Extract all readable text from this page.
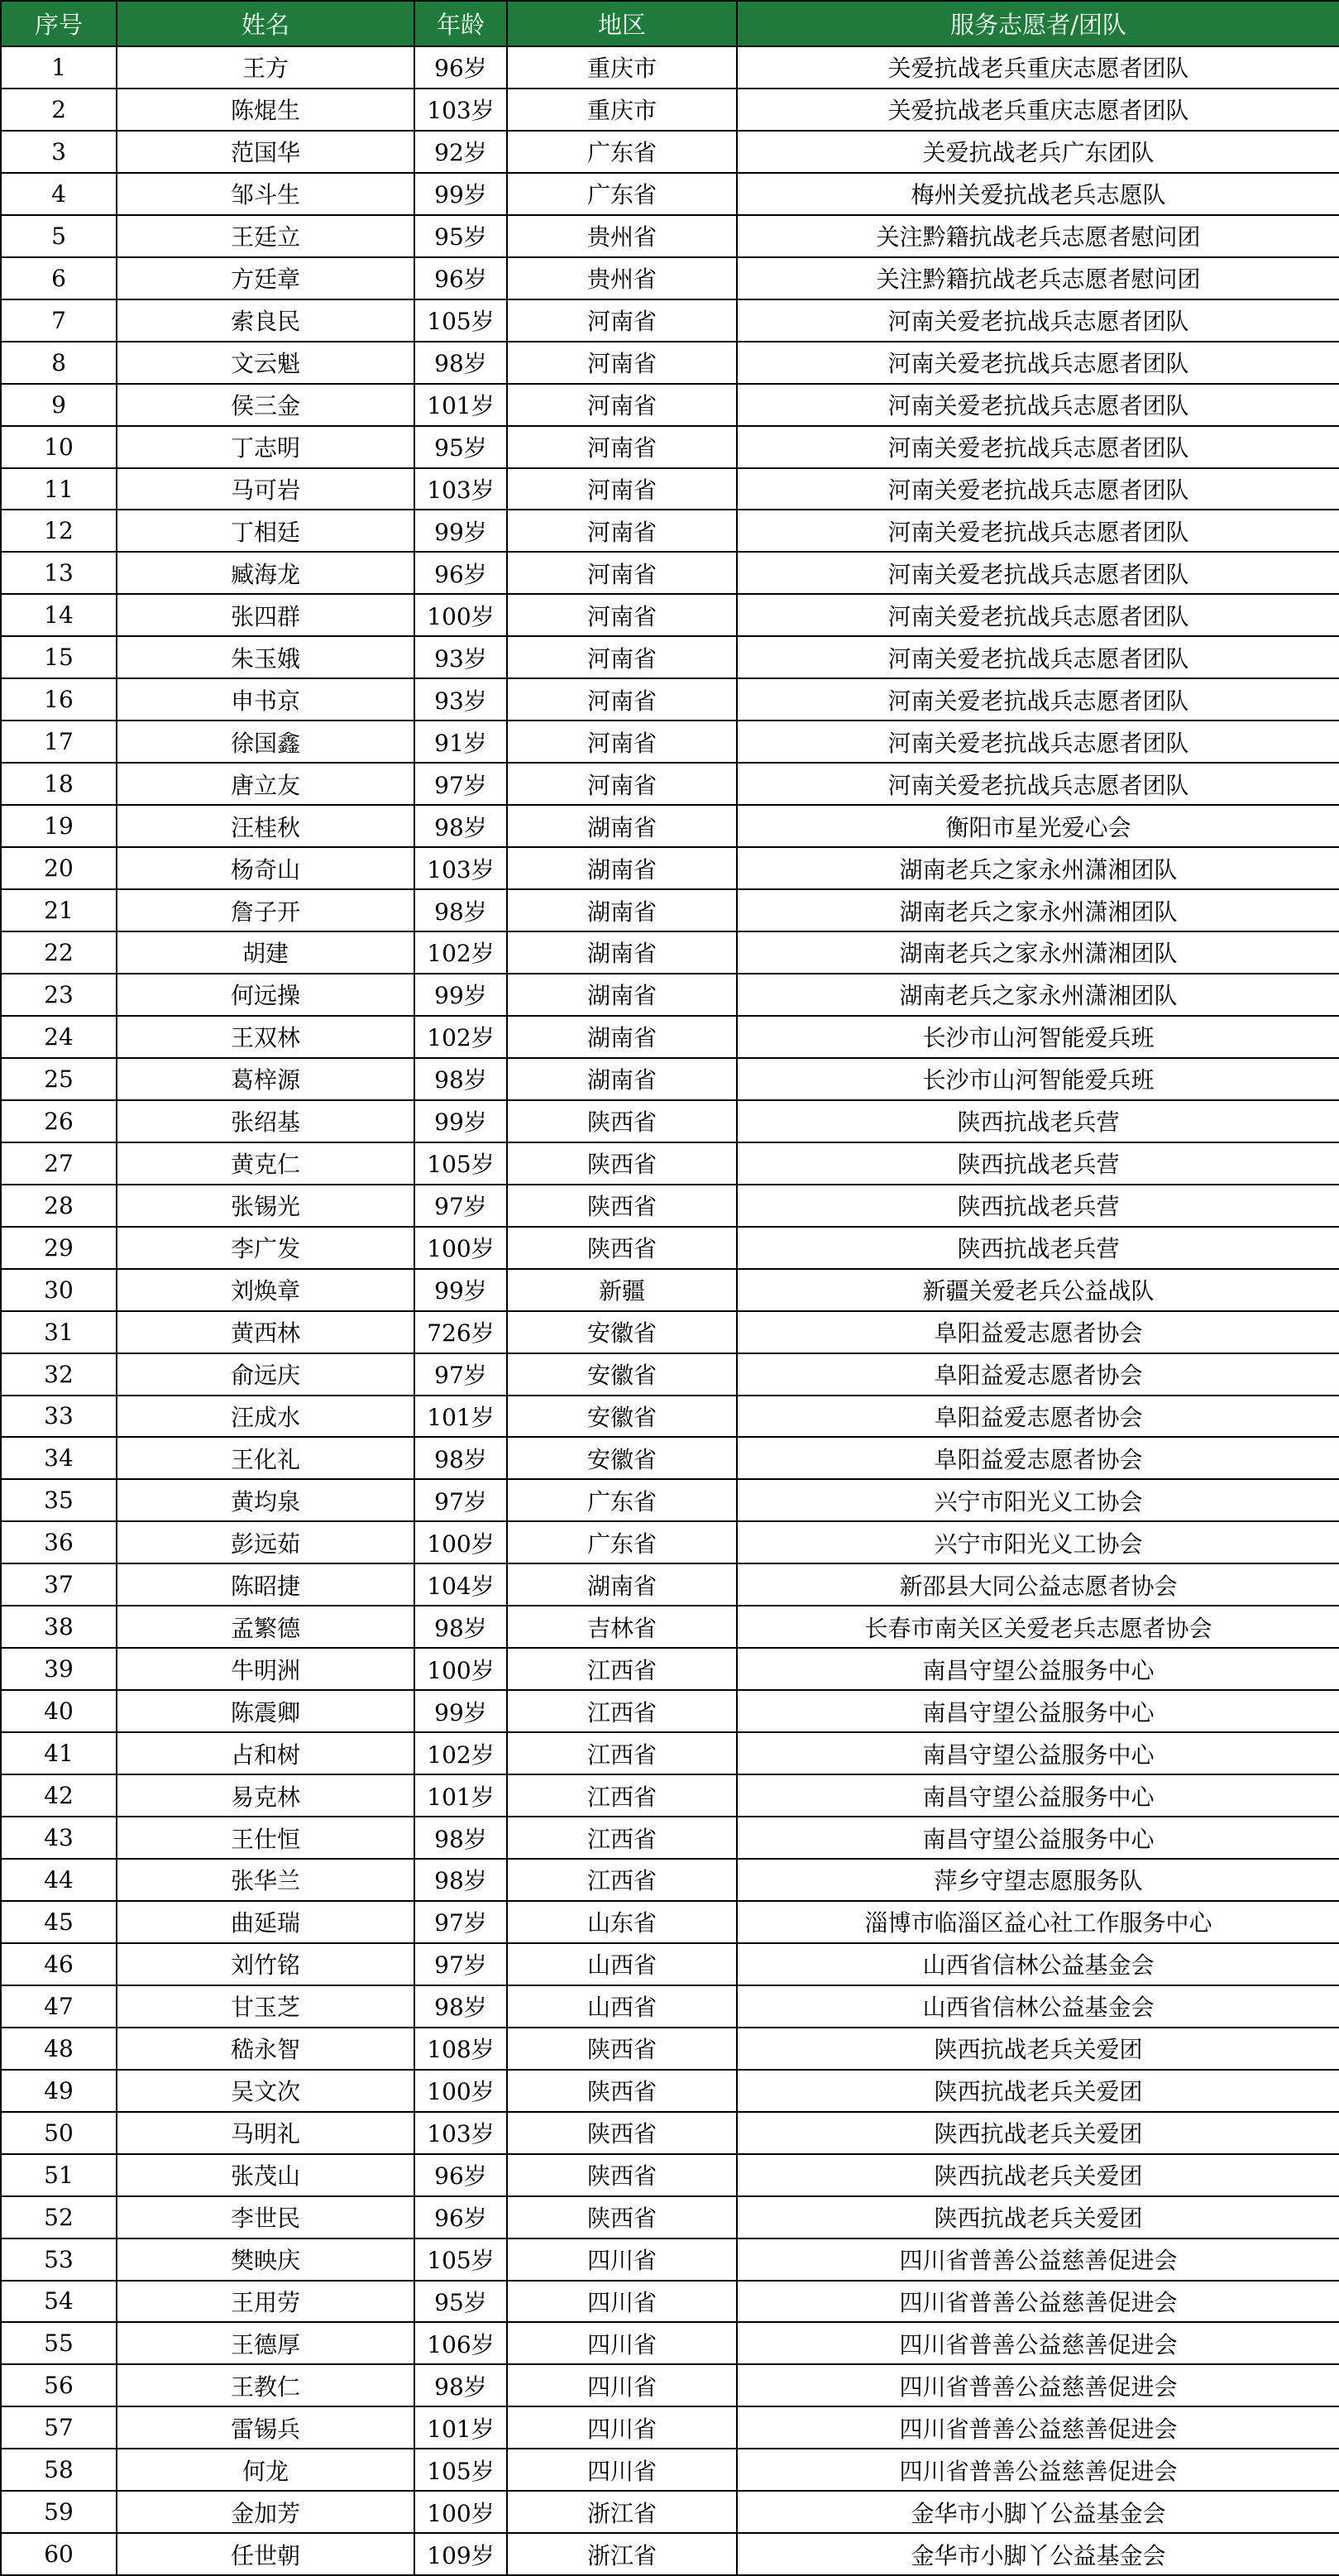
序号	姓名	年龄	地区	服务志愿者/团队
1	王方	96岁	重庆市	关爱抗战老兵重庆志愿者团队
2	陈焜生	103岁	重庆市	关爱抗战老兵重庆志愿者团队
3	范国华	92岁	广东省	关爱抗战老兵广东团队
4	邹斗生	99岁	广东省	梅州关爱抗战老兵志愿队
5	王廷立	95岁	贵州省	关注黔籍抗战老兵志愿者慰问团
6	方廷章	96岁	贵州省	关注黔籍抗战老兵志愿者慰问团
7	索良民	105岁	河南省	河南关爱老抗战兵志愿者团队
8	文云魁	98岁	河南省	河南关爱老抗战兵志愿者团队
9	侯三金	101岁	河南省	河南关爱老抗战兵志愿者团队
10	丁志明	95岁	河南省	河南关爱老抗战兵志愿者团队
11	马可岩	103岁	河南省	河南关爱老抗战兵志愿者团队
12	丁相廷	99岁	河南省	河南关爱老抗战兵志愿者团队
13	臧海龙	96岁	河南省	河南关爱老抗战兵志愿者团队
14	张四群	100岁	河南省	河南关爱老抗战兵志愿者团队
15	朱玉娥	93岁	河南省	河南关爱老抗战兵志愿者团队
16	申书京	93岁	河南省	河南关爱老抗战兵志愿者团队
17	徐国鑫	91岁	河南省	河南关爱老抗战兵志愿者团队
18	唐立友	97岁	河南省	河南关爱老抗战兵志愿者团队
19	汪桂秋	98岁	湖南省	衡阳市星光爱心会
20	杨奇山	103岁	湖南省	湖南老兵之家永州潇湘团队
21	詹子开	98岁	湖南省	湖南老兵之家永州潇湘团队
22	胡建	102岁	湖南省	湖南老兵之家永州潇湘团队
23	何远操	99岁	湖南省	湖南老兵之家永州潇湘团队
24	王双林	102岁	湖南省	长沙市山河智能爱兵班
25	葛梓源	98岁	湖南省	长沙市山河智能爱兵班
26	张绍基	99岁	陕西省	陕西抗战老兵营
27	黄克仁	105岁	陕西省	陕西抗战老兵营
28	张锡光	97岁	陕西省	陕西抗战老兵营
29	李广发	100岁	陕西省	陕西抗战老兵营
30	刘焕章	99岁	新疆	新疆关爱老兵公益战队
31	黄西林	726岁	安徽省	阜阳益爱志愿者协会
32	俞远庆	97岁	安徽省	阜阳益爱志愿者协会
33	汪成水	101岁	安徽省	阜阳益爱志愿者协会
34	王化礼	98岁	安徽省	阜阳益爱志愿者协会
35	黄均泉	97岁	广东省	兴宁市阳光义工协会
36	彭远茹	100岁	广东省	兴宁市阳光义工协会
37	陈昭捷	104岁	湖南省	新邵县大同公益志愿者协会
38	孟繁德	98岁	吉林省	长春市南关区关爱老兵志愿者协会
39	牛明洲	100岁	江西省	南昌守望公益服务中心
40	陈震卿	99岁	江西省	南昌守望公益服务中心
41	占和树	102岁	江西省	南昌守望公益服务中心
42	易克林	101岁	江西省	南昌守望公益服务中心
43	王仕恒	98岁	江西省	南昌守望公益服务中心
44	张华兰	98岁	江西省	萍乡守望志愿服务队
45	曲延瑞	97岁	山东省	淄博市临淄区益心社工作服务中心
46	刘竹铭	97岁	山西省	山西省信林公益基金会
47	甘玉芝	98岁	山西省	山西省信林公益基金会
48	嵇永智	108岁	陕西省	陕西抗战老兵关爱团
49	吴文次	100岁	陕西省	陕西抗战老兵关爱团
50	马明礼	103岁	陕西省	陕西抗战老兵关爱团
51	张茂山	96岁	陕西省	陕西抗战老兵关爱团
52	李世民	96岁	陕西省	陕西抗战老兵关爱团
53	樊映庆	105岁	四川省	四川省普善公益慈善促进会
54	王用劳	95岁	四川省	四川省普善公益慈善促进会
55	王德厚	106岁	四川省	四川省普善公益慈善促进会
56	王教仁	98岁	四川省	四川省普善公益慈善促进会
57	雷锡兵	101岁	四川省	四川省普善公益慈善促进会
58	何龙	105岁	四川省	四川省普善公益慈善促进会
59	金加芳	100岁	浙江省	金华市小脚丫公益基金会
60	任世朝	109岁	浙江省	金华市小脚丫公益基金会
